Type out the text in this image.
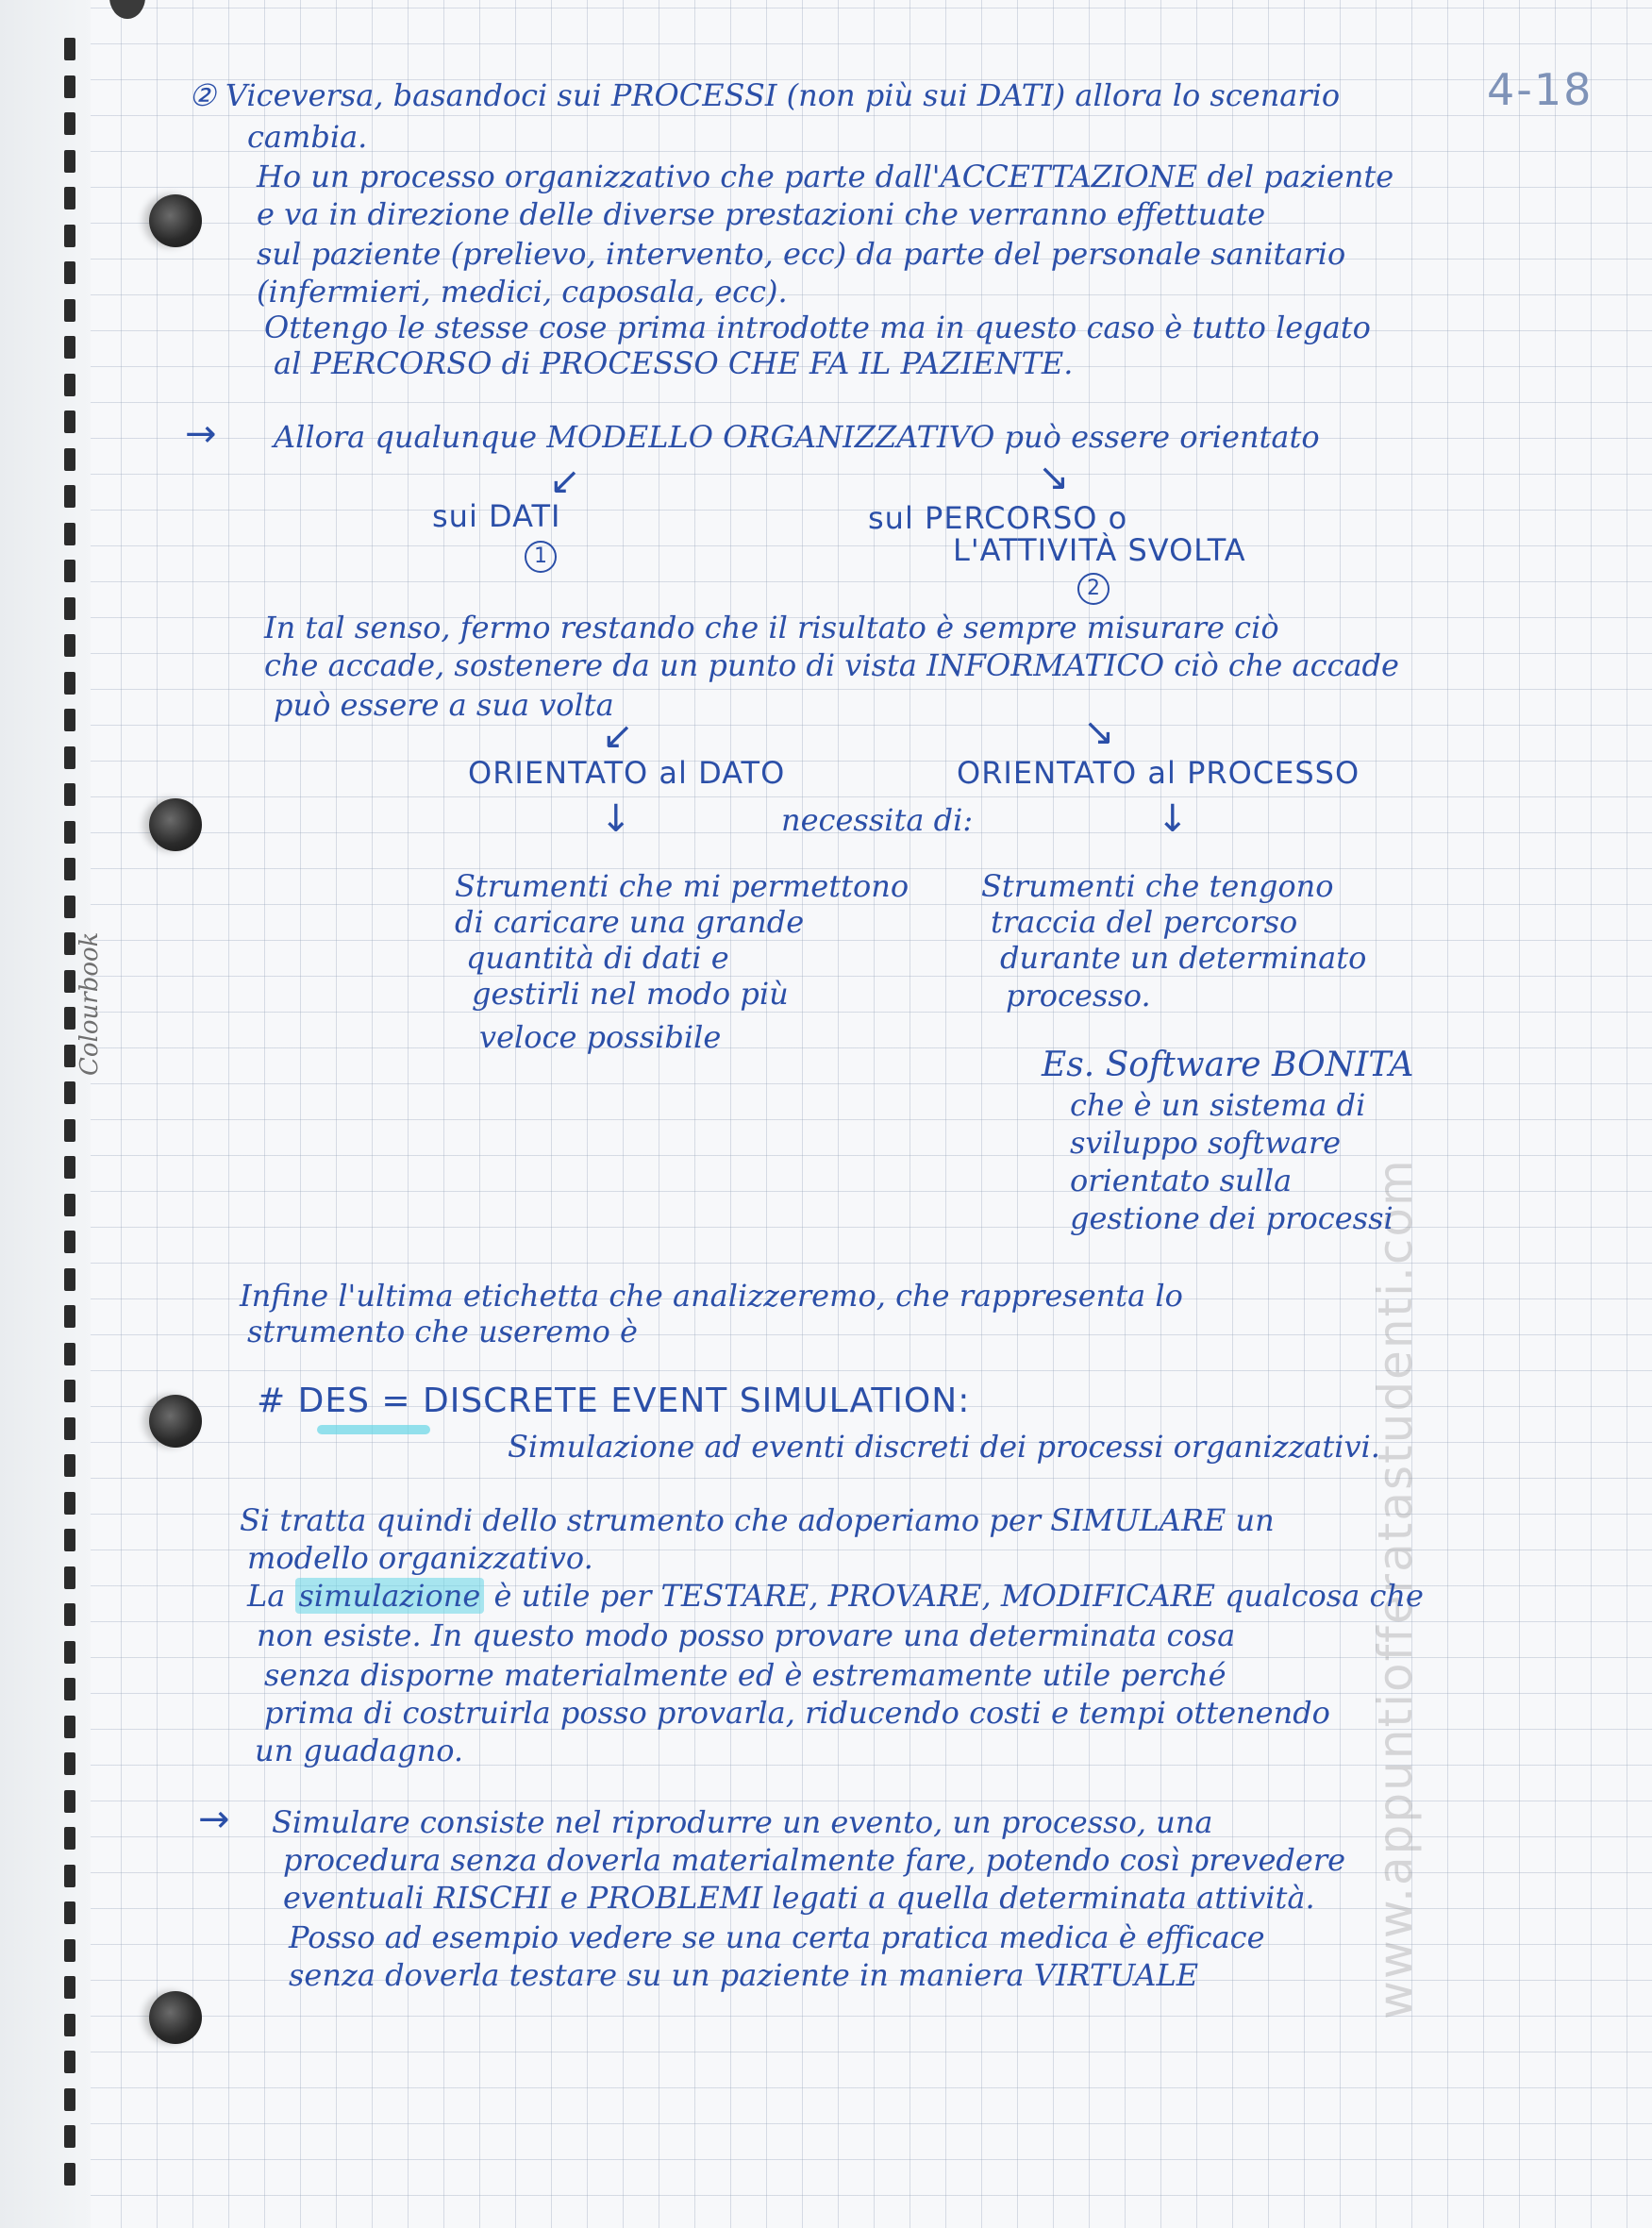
Colourbook
4-18
www.appuntiofferatastudenti.com
② Viceversa, basandoci sui PROCESSI (non più sui DATI) allora lo scenario
cambia.
Ho un processo organizzativo che parte dall'ACCETTAZIONE del paziente
e va in direzione delle diverse prestazioni che verranno effettuate
sul paziente (prelievo, intervento, ecc) da parte del personale sanitario
(infermieri, medici, caposala, ecc).
Ottengo le stesse cose prima introdotte ma in questo caso è tutto legato
al PERCORSO di PROCESSO CHE FA IL PAZIENTE.
→ Allora qualunque MODELLO ORGANIZZATIVO può essere orientato
↙	↘
sui DATI	sul PERCORSO o
L'ATTIVITÀ SVOLTA
1
2
In tal senso, fermo restando che il risultato è sempre misurare ciò
che accade, sostenere da un punto di vista INFORMATICO ciò che accade
può essere a sua volta
↙	↘
ORIENTATO al DATO	ORIENTATO al PROCESSO
↓	necessita di:	↓
Strumenti che mi permettono
di caricare una grande
quantità di dati e
gestirli nel modo più
veloce possibile
Strumenti che tengono
traccia del percorso
durante un determinato
processo.
Es. Software BONITA
che è un sistema di
sviluppo software
orientato sulla
gestione dei processi
Infine l'ultima etichetta che analizzeremo, che rappresenta lo
strumento che useremo è
# DES = DISCRETE EVENT SIMULATION:
Simulazione ad eventi discreti dei processi organizzativi.
Si tratta quindi dello strumento che adoperiamo per SIMULARE un
modello organizzativo.
La simulazione è utile per TESTARE, PROVARE, MODIFICARE qualcosa che
non esiste. In questo modo posso provare una determinata cosa
senza disporne materialmente ed è estremamente utile perché
prima di costruirla posso provarla, riducendo costi e tempi ottenendo
un guadagno.
→ Simulare consiste nel riprodurre un evento, un processo, una
procedura senza doverla materialmente fare, potendo così prevedere
eventuali RISCHI e PROBLEMI legati a quella determinata attività.
Posso ad esempio vedere se una certa pratica medica è efficace
senza doverla testare su un paziente in maniera VIRTUALE
